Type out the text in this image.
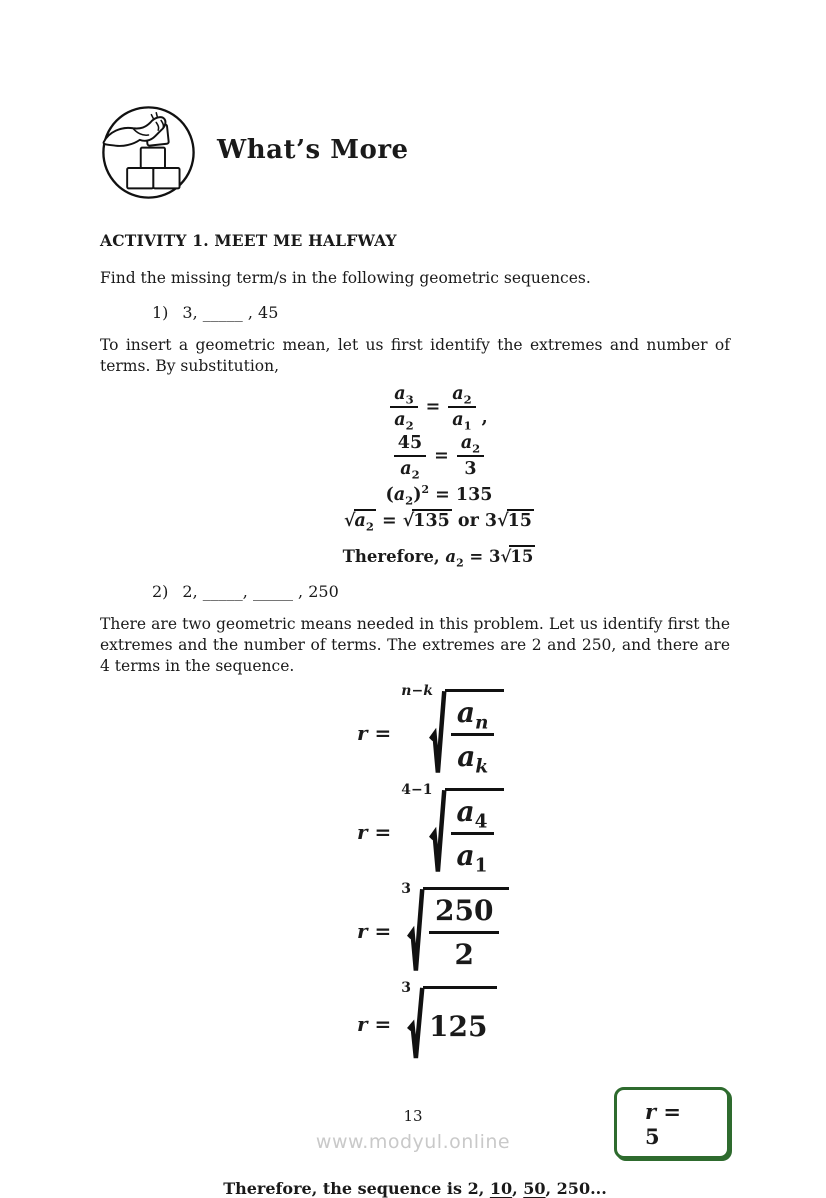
What’s More
ACTIVITY 1. MEET ME HALFWAY

Find the missing term/s in the following geometric sequences.

1) 3, _____ , 45

To insert a geometric mean, let us first identify the extremes and number of terms. By substitution,

$\frac{a_3}{a_2} = \frac{a_2}{a_1}$ ,
$\frac{45}{a_2} = \frac{a_2}{3}$
$(a_2)^2 = 135$
$√a_2 = √135$ or 3√15

Therefore, $a_2 = 3√15$

2) 2, _____, _____ , 250

There are two geometric means needed in this problem. Let us identify first the extremes and the number of terms. The extremes are 2 and 250, and there are 4 terms in the sequence.

r =
n−k
$\frac{a_n}{a_k}$
r =
4−1
$\frac{a_4}{a_1}$
r =
3
$\frac{250}{2}$
r =
3
125
r = 5

Therefore, the sequence is 2, 10, 50, 250...

13
www.modyul.online
